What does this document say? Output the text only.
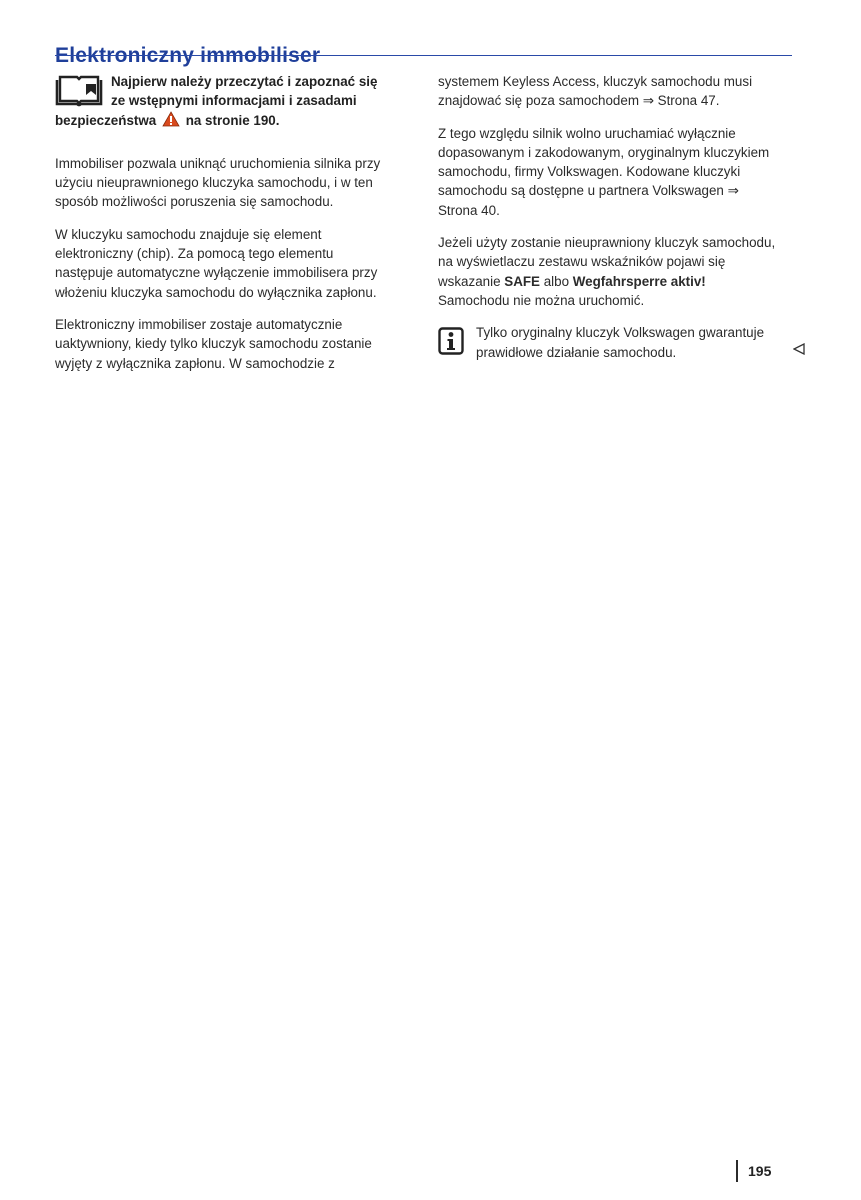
Elektroniczny immobiliser
Najpierw należy przeczytać i zapoznać się ze wstępnymi informacjami i zasadami bezpieczeństwa na stronie 190.

Immobiliser pozwala uniknąć uruchomienia silnika przy użyciu nieuprawnionego kluczyka samochodu, i w ten sposób możliwości poruszenia się samochodu.

W kluczyku samochodu znajduje się element elektroniczny (chip). Za pomocą tego elementu następuje automatyczne wyłączenie immobilisera przy włożeniu kluczyka samochodu do wyłącznika zapłonu.

Elektroniczny immobiliser zostaje automatycznie uaktywniony, kiedy tylko kluczyk samochodu zostanie wyjęty z wyłącznika zapłonu. W samochodzie z

systemem Keyless Access, kluczyk samochodu musi znajdować się poza samochodem ⇒ Strona 47.

Z tego względu silnik wolno uruchamiać wyłącznie dopasowanym i zakodowanym, oryginalnym kluczykiem samochodu, firmy Volkswagen. Kodowane kluczyki samochodu są dostępne u partnera Volkswagen ⇒ Strona 40.

Jeżeli użyty zostanie nieuprawniony kluczyk samochodu, na wyświetlaczu zestawu wskaźników pojawi się wskazanie SAFE albo Wegfahrsperre aktiv! Samochodu nie można uruchomić.

Tylko oryginalny kluczyk Volkswagen gwarantuje prawidłowe działanie samochodu.
195
